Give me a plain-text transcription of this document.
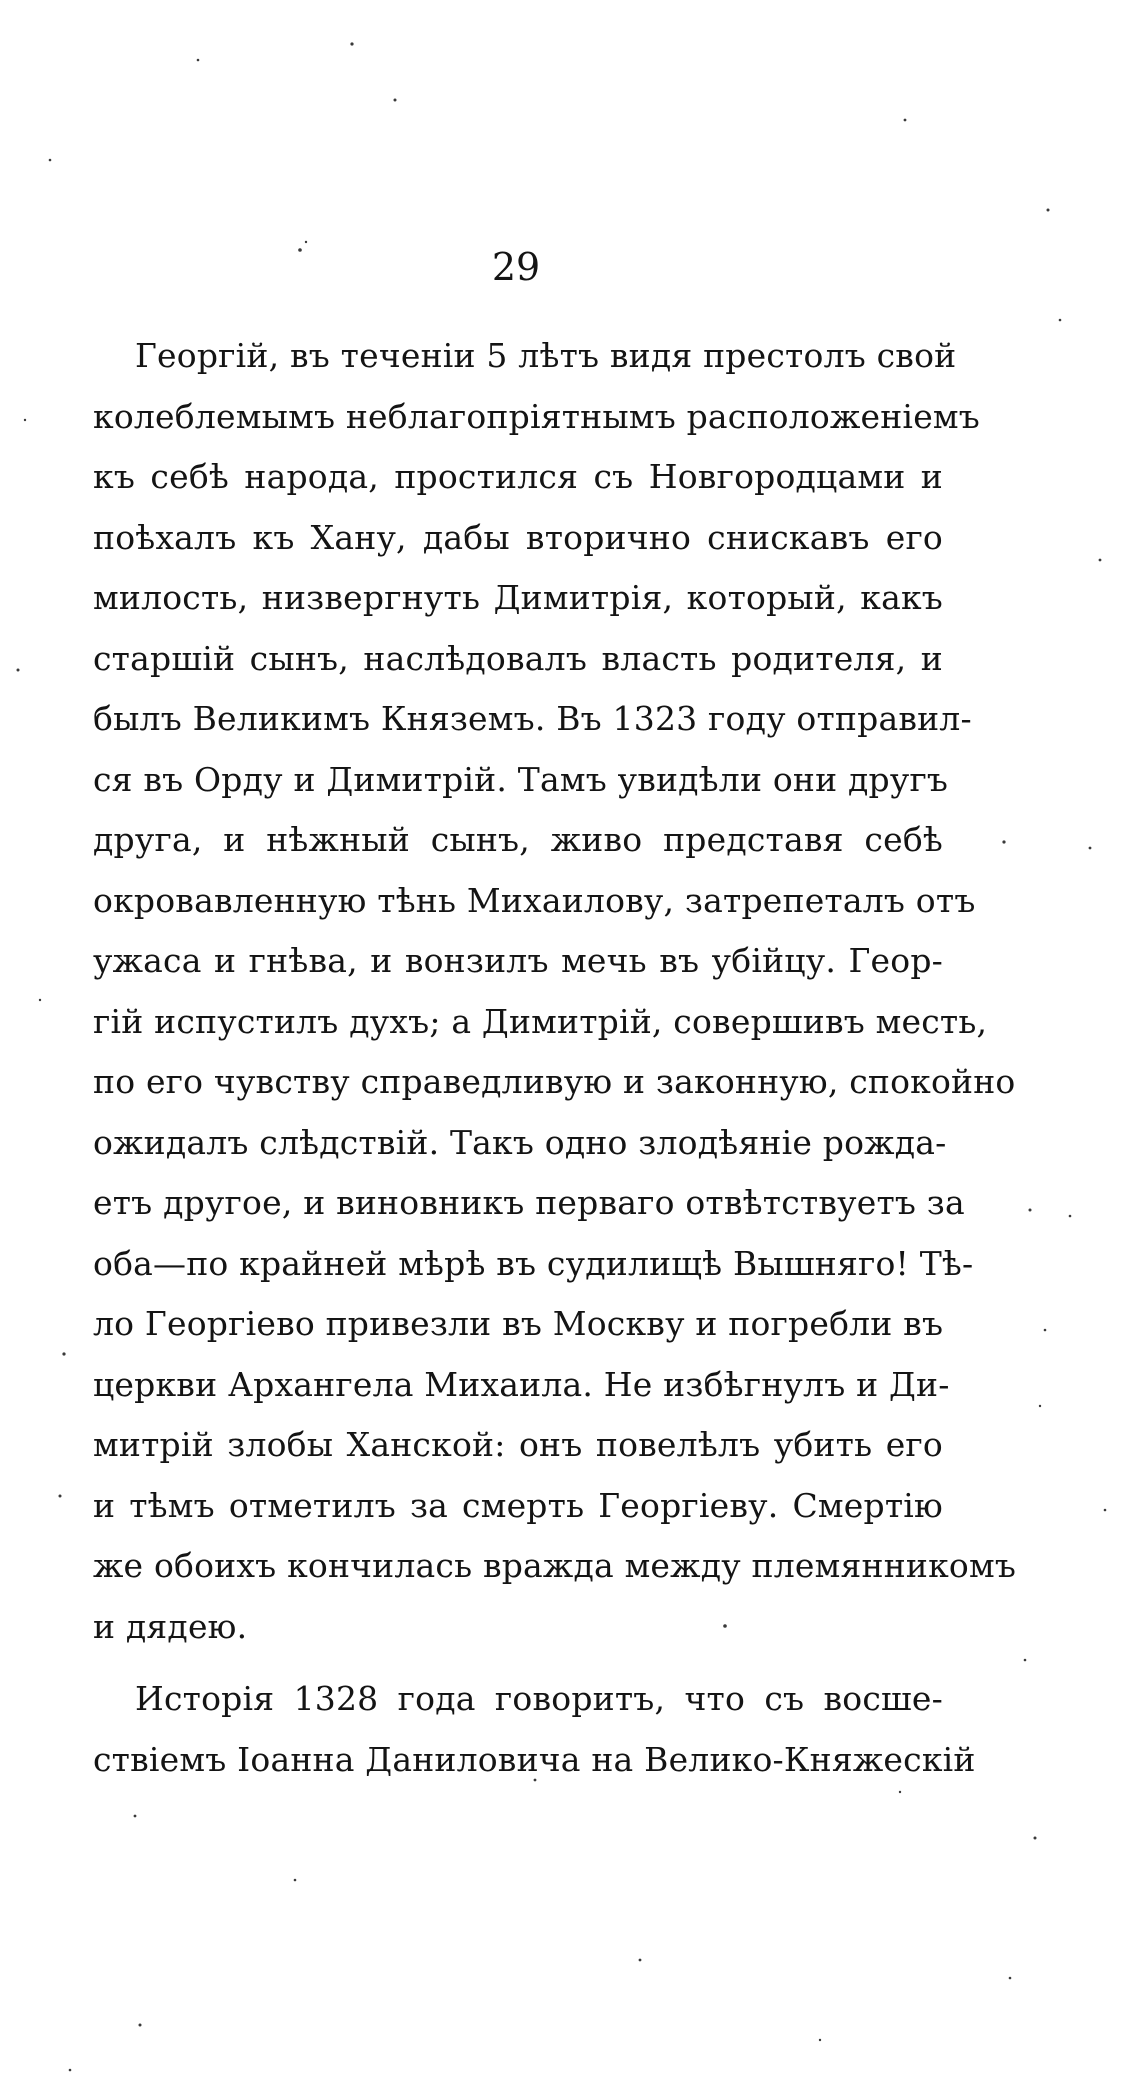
29
Георгій, въ теченіи 5 лѣтъ видя престолъ свой
колеблемымъ неблагопріятнымъ расположеніемъ
къ себѣ народа, простился съ Новгородцами и
поѣхалъ къ Хану, дабы вторично снискавъ его
милость, низвергнуть Димитрія, который, какъ
старшій сынъ, наслѣдовалъ власть родителя, и
былъ Великимъ Княземъ. Въ 1323 году отправил-
ся въ Орду и Димитрій. Тамъ увидѣли они другъ
друга, и нѣжный сынъ, живо представя себѣ
окровавленную тѣнь Михаилову, затрепеталъ отъ
ужаса и гнѣва, и вонзилъ мечь въ убійцу. Геор-
гій испустилъ духъ; а Димитрій, совершивъ месть,
по его чувству справедливую и законную, спокойно
ожидалъ слѣдствій. Такъ одно злодѣяніе рожда-
етъ другое, и виновникъ перваго отвѣтствуетъ за
оба—по крайней мѣрѣ въ судилищѣ Вышняго! Тѣ-
ло Георгіево привезли въ Москву и погребли въ
церкви Архангела Михаила. Не избѣгнулъ и Ди-
митрій злобы Ханской: онъ повелѣлъ убить его
и тѣмъ отметилъ за смерть Георгіеву. Смертію
же обоихъ кончилась вражда между племянникомъ
и дядею.
Исторія 1328 года говоритъ, что съ восше-
ствіемъ Іоанна Даниловича на Велико-Княжескій
